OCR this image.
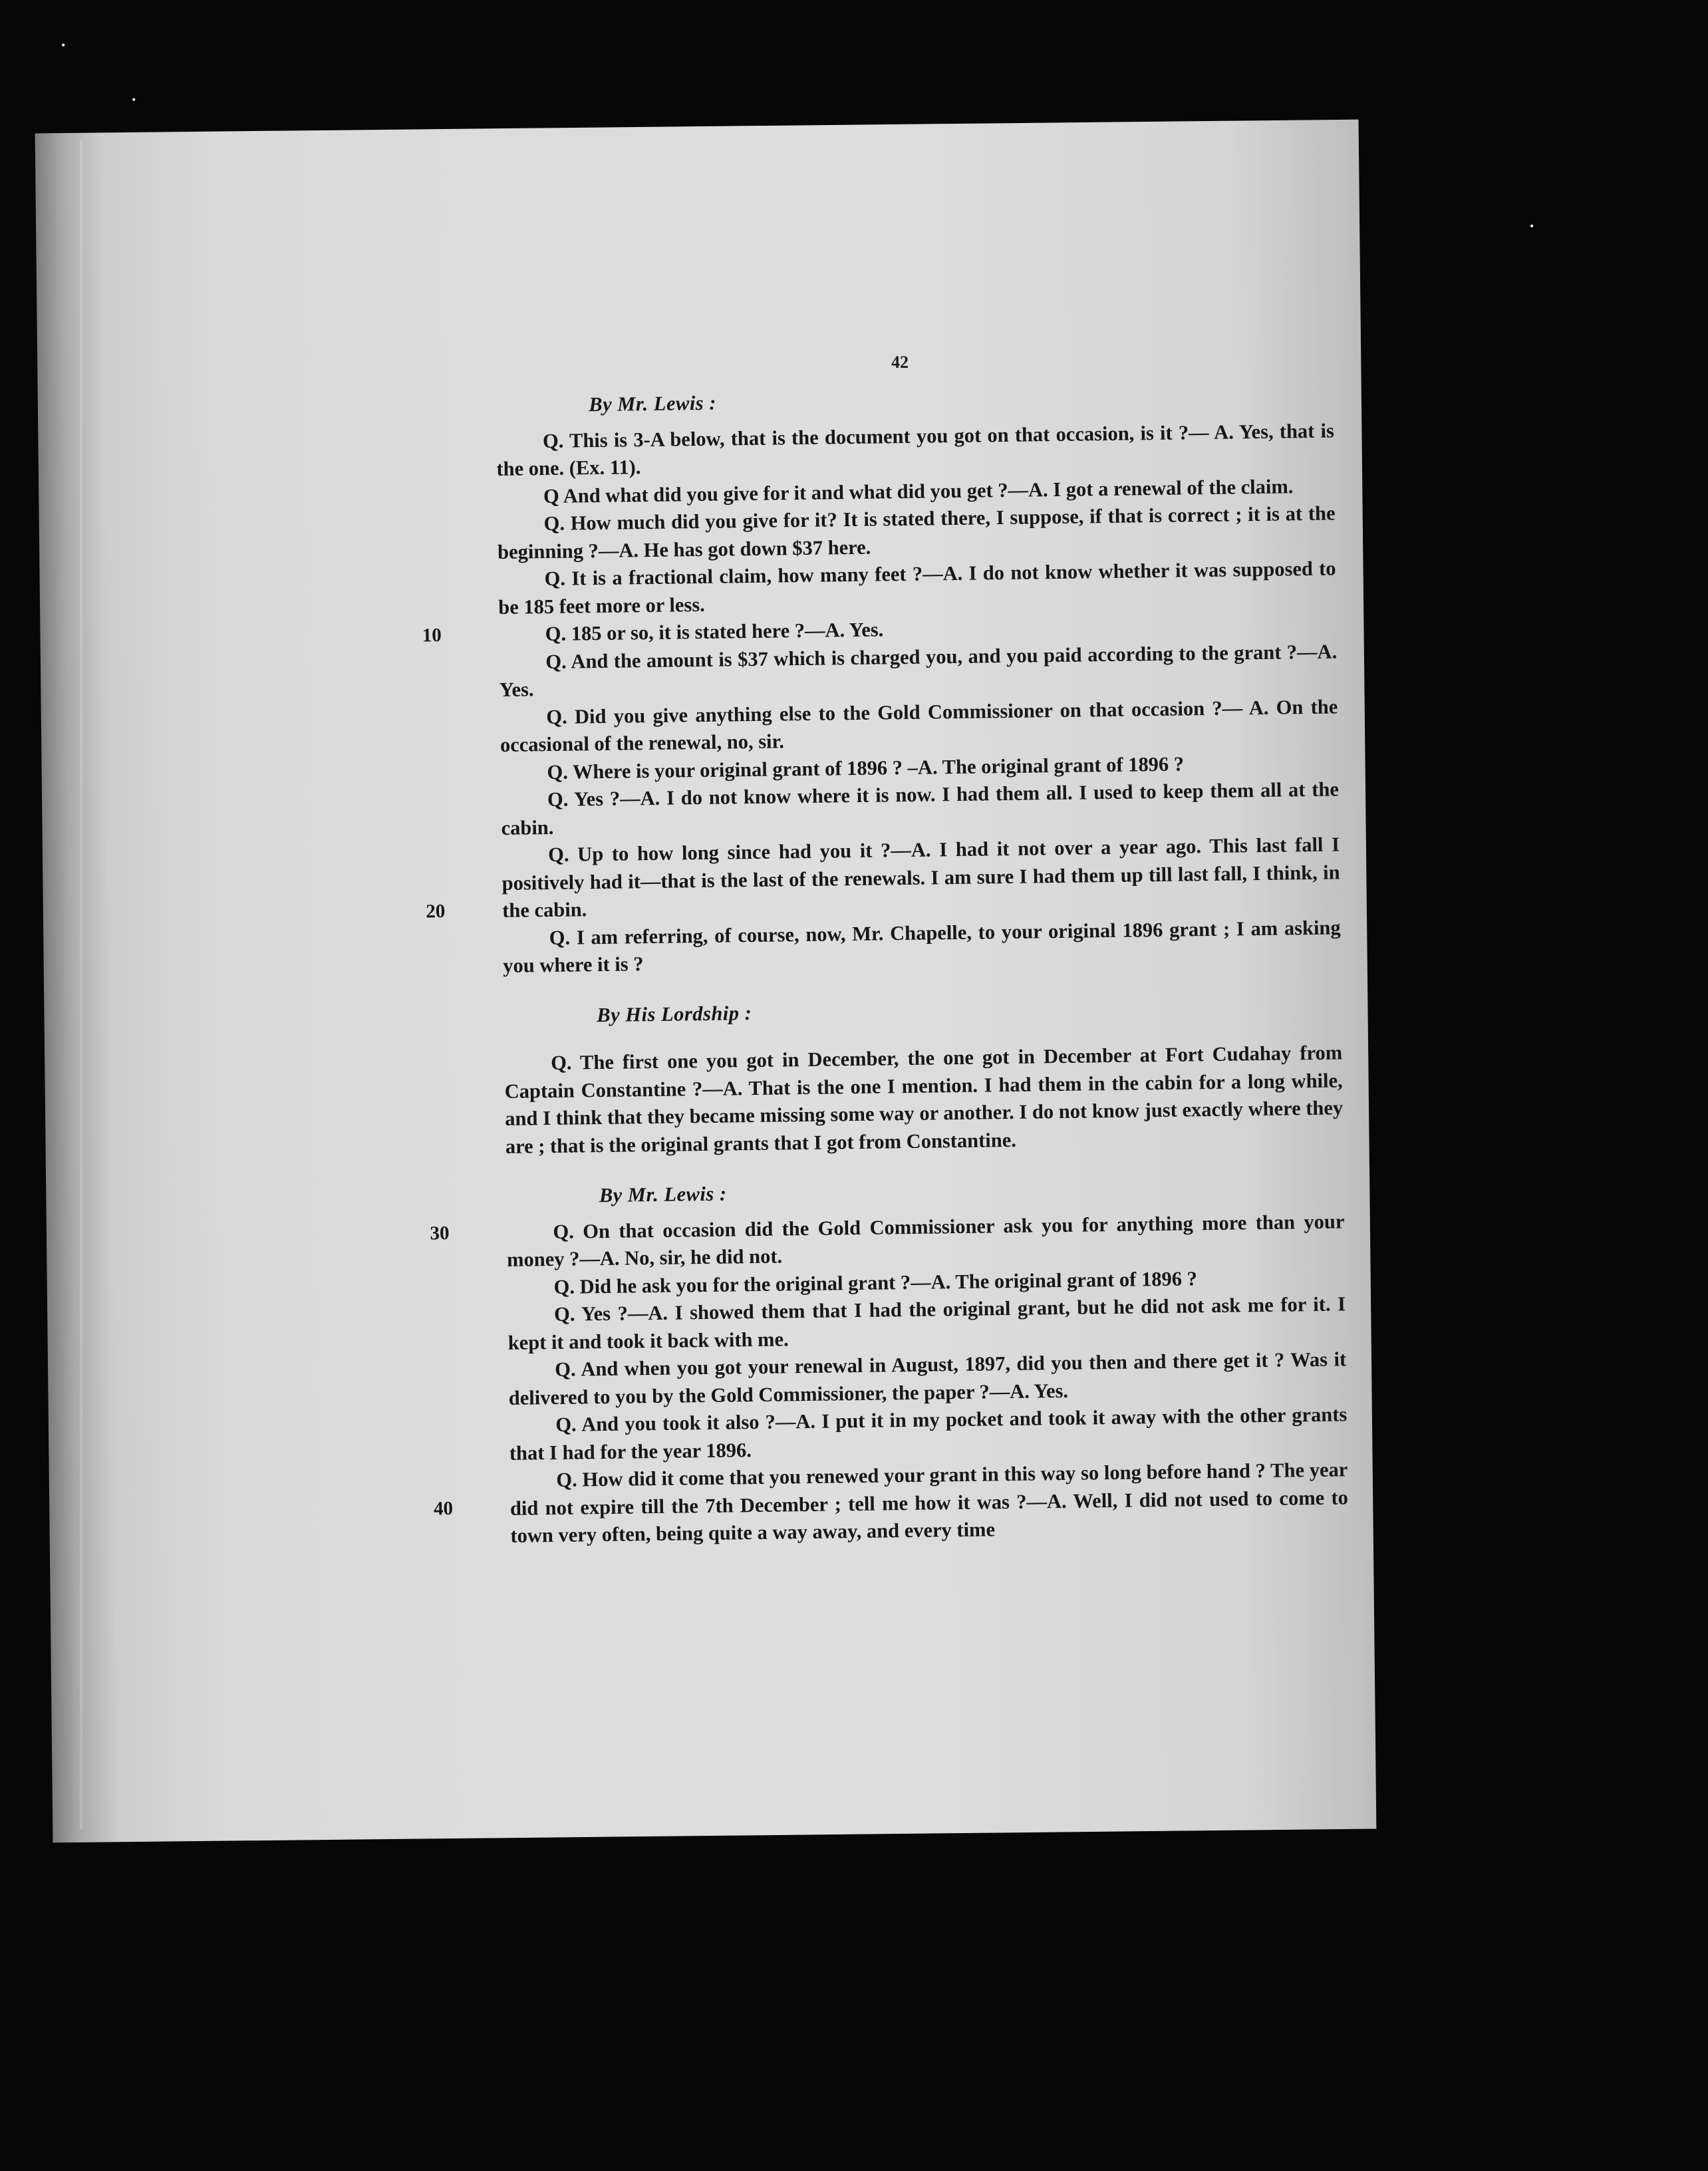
•
•
•
42
By Mr. Lewis :

Q. This is 3-A below, that is the document you got on that occasion, is it ?— A. Yes, that is the one. (Ex. 11).

Q And what did you give for it and what did you get ?—A. I got a renewal of the claim.

Q. How much did you give for it? It is stated there, I suppose, if that is correct ; it is at the beginning ?—A. He has got down $37 here.

Q. It is a fractional claim, how many feet ?—A. I do not know whether it was supposed to be 185 feet more or less.

10	Q. 185 or so, it is stated here ?—A. Yes.

Q. And the amount is $37 which is charged you, and you paid according to the grant ?—A. Yes.

Q. Did you give anything else to the Gold Commissioner on that occasion ?— A. On the occasional of the renewal, no, sir.

Q. Where is your original grant of 1896 ? –A. The original grant of 1896 ?

Q. Yes ?—A. I do not know where it is now. I had them all. I used to keep them all at the cabin.

20

Q. Up to how long since had you it ?—A. I had it not over a year ago. This last fall I positively had it—that is the last of the renewals. I am sure I had them up till last fall, I think, in the cabin.

Q. I am referring, of course, now, Mr. Chapelle, to your original 1896 grant ; I am asking you where it is ?

By His Lordship :

Q. The first one you got in December, the one got in December at Fort Cudahay from Captain Constantine ?—A. That is the one I mention. I had them in the cabin for a long while, and I think that they became missing some way or another. I do not know just exactly where they are ; that is the original grants that I got from Constantine.

By Mr. Lewis :
30	Q. On that occasion did the Gold Commissioner ask you for anything more than your money ?—A. No, sir, he did not.

Q. Did he ask you for the original grant ?—A. The original grant of 1896 ?

Q. Yes ?—A. I showed them that I had the original grant, but he did not ask me for it. I kept it and took it back with me.

Q. And when you got your renewal in August, 1897, did you then and there get it ? Was it delivered to you by the Gold Commissioner, the paper ?—A. Yes.

Q. And you took it also ?—A. I put it in my pocket and took it away with the other grants that I had for the year 1896.

40

Q. How did it come that you renewed your grant in this way so long before hand ? The year did not expire till the 7th December ; tell me how it was ?—A. Well, I did not used to come to town very often, being quite a way away, and every time
